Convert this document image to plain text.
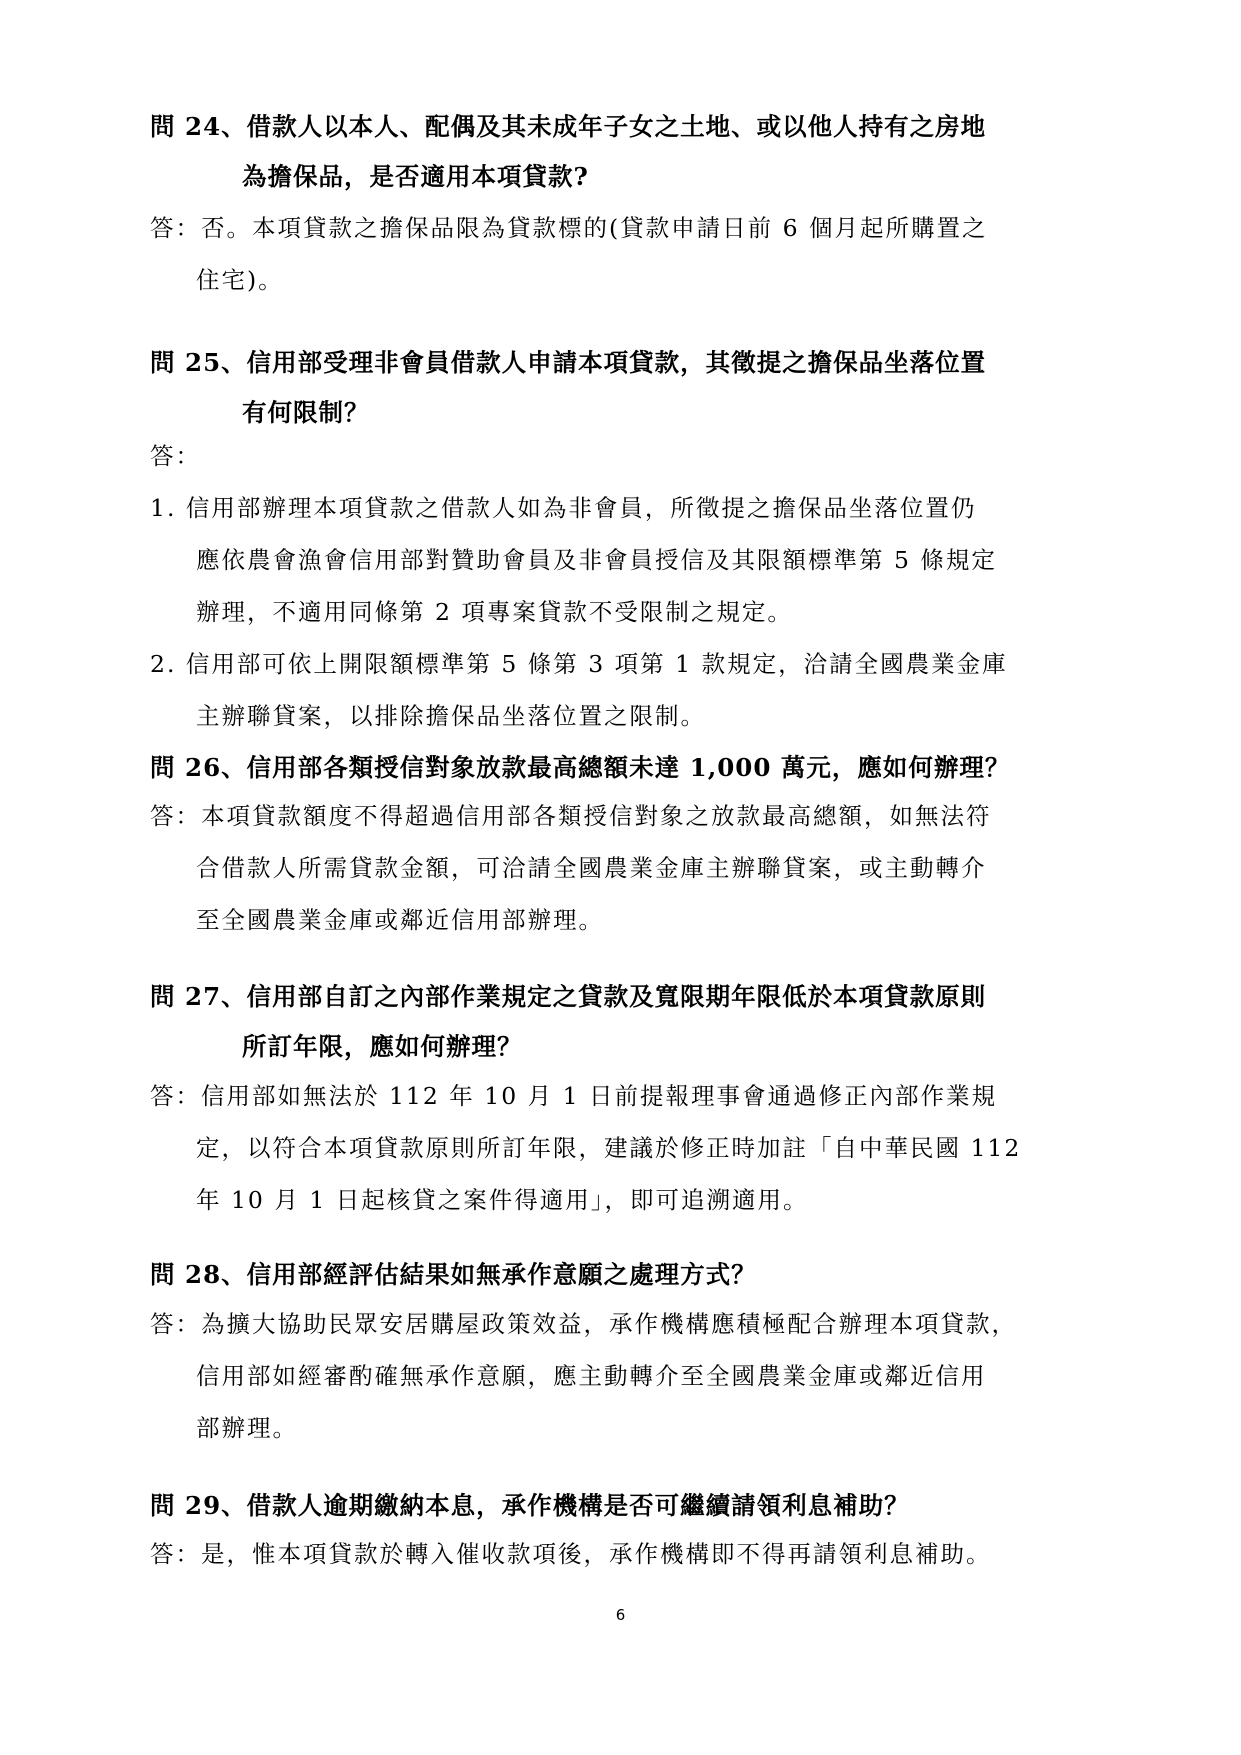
問 24、借款人以本人、配偶及其未成年子女之土地、或以他人持有之房地
為擔保品，是否適用本項貸款?
答：否。本項貸款之擔保品限為貸款標的(貸款申請日前 6 個月起所購置之
住宅)。
問 25、信用部受理非會員借款人申請本項貸款，其徵提之擔保品坐落位置
有何限制？
答：
1. 信用部辦理本項貸款之借款人如為非會員，所徵提之擔保品坐落位置仍
應依農會漁會信用部對贊助會員及非會員授信及其限額標準第 5 條規定
辦理，不適用同條第 2 項專案貸款不受限制之規定。
2. 信用部可依上開限額標準第 5 條第 3 項第 1 款規定，洽請全國農業金庫
主辦聯貸案，以排除擔保品坐落位置之限制。
問 26、信用部各類授信對象放款最高總額未達 1,000 萬元，應如何辦理？
答：本項貸款額度不得超過信用部各類授信對象之放款最高總額，如無法符
合借款人所需貸款金額，可洽請全國農業金庫主辦聯貸案，或主動轉介
至全國農業金庫或鄰近信用部辦理。
問 27、信用部自訂之內部作業規定之貸款及寬限期年限低於本項貸款原則
所訂年限，應如何辦理？
答：信用部如無法於 112 年 10 月 1 日前提報理事會通過修正內部作業規
定，以符合本項貸款原則所訂年限，建議於修正時加註「自中華民國 112
年 10 月 1 日起核貸之案件得適用」，即可追溯適用。
問 28、信用部經評估結果如無承作意願之處理方式？
答：為擴大協助民眾安居購屋政策效益，承作機構應積極配合辦理本項貸款，
信用部如經審酌確無承作意願，應主動轉介至全國農業金庫或鄰近信用
部辦理。
問 29、借款人逾期繳納本息，承作機構是否可繼續請領利息補助？
答：是，惟本項貸款於轉入催收款項後，承作機構即不得再請領利息補助。
6
